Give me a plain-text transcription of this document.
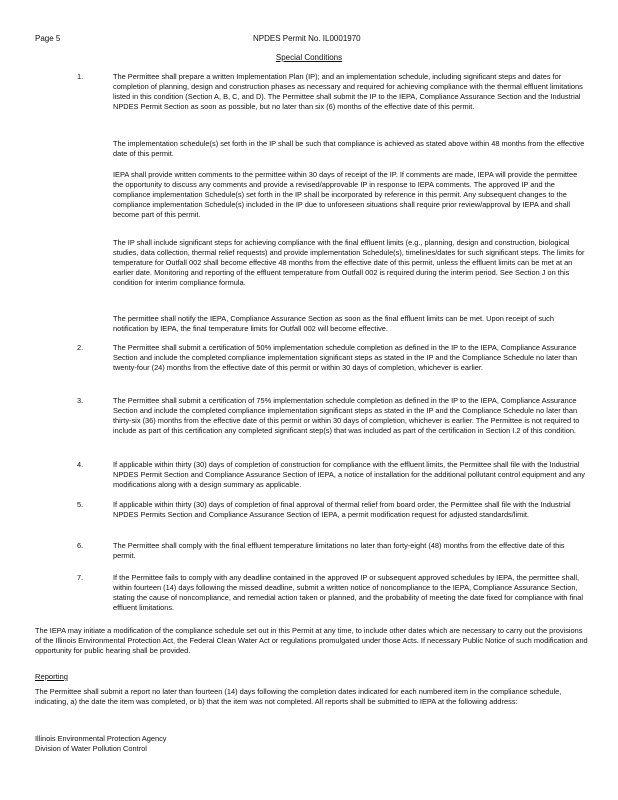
Page 5	NPDES Permit No. IL0001970
Special Conditions
1.	The Permittee shall prepare a written Implementation Plan (IP); and an implementation schedule, including significant steps and dates for completion of planning, design and construction phases as necessary and required for achieving compliance with the thermal effluent limitations listed in this condition (Section A, B, C, and D). The Permittee shall submit the IP to the IEPA, Compliance Assurance Section and the Industrial NPDES Permit Section as soon as possible, but no later than six (6) months of the effective date of this permit.

The implementation schedule(s) set forth in the IP shall be such that compliance is achieved as stated above within 48 months from the effective date of this permit.

IEPA shall provide written comments to the permittee within 30 days of receipt of the IP. If comments are made, IEPA will provide the permittee the opportunity to discuss any comments and provide a revised/approvable IP in response to IEPA comments. The approved IP and the compliance implementation Schedule(s) set forth in the IP shall be incorporated by reference in this permit. Any subsequent changes to the compliance implementation Schedule(s) included in the IP due to unforeseen situations shall require prior review/approval by IEPA and shall become part of this permit.

The IP shall include significant steps for achieving compliance with the final effluent limits (e.g., planning, design and construction, biological studies, data collection, thermal relief requests) and provide implementation Schedule(s), timelines/dates for such significant steps. The limits for temperature for Outfall 002 shall become effective 48 months from the effective date of this permit, unless the effluent limits can be met at an earlier date. Monitoring and reporting of the effluent temperature from Outfall 002 is required during the interim period. See Section J on this condition for interim compliance formula.

The permittee shall notify the IEPA, Compliance Assurance Section as soon as the final effluent limits can be met. Upon receipt of such notification by IEPA, the final temperature limits for Outfall 002 will become effective.

2.	The Permittee shall submit a certification of 50% implementation schedule completion as defined in the IP to the IEPA, Compliance Assurance Section and include the completed compliance implementation significant steps as stated in the IP and the Compliance Schedule no later than twenty-four (24) months from the effective date of this permit or within 30 days of completion, whichever is earlier.

3.	The Permittee shall submit a certification of 75% implementation schedule completion as defined in the IP to the IEPA, Compliance Assurance Section and include the completed compliance implementation significant steps as stated in the IP and the Compliance Schedule no later than thirty-six (36) months from the effective date of this permit or within 30 days of completion, whichever is earlier. The Permittee is not required to include as part of this certification any completed significant step(s) that was included as part of the certification in Section I.2 of this condition.

4.	If applicable within thirty (30) days of completion of construction for compliance with the effluent limits, the Permittee shall file with the Industrial NPDES Permit Section and Compliance Assurance Section of IEPA, a notice of installation for the additional pollutant control equipment and any modifications along with a design summary as applicable.

5.	If applicable within thirty (30) days of completion of final approval of thermal relief from board order, the Permittee shall file with the Industrial NPDES Permits Section and Compliance Assurance Section of IEPA, a permit modification request for adjusted standards/limit.

6.	The Permittee shall comply with the final effluent temperature limitations no later than forty-eight (48) months from the effective date of this permit.

7.	If the Permittee fails to comply with any deadline contained in the approved IP or subsequent approved schedules by IEPA, the permittee shall, within fourteen (14) days following the missed deadline, submit a written notice of noncompliance to the IEPA, Compliance Assurance Section, stating the cause of noncompliance, and remedial action taken or planned, and the probability of meeting the date fixed for compliance with final effluent limitations.

The IEPA may initiate a modification of the compliance schedule set out in this Permit at any time, to include other dates which are necessary to carry out the provisions of the Illinois Environmental Protection Act, the Federal Clean Water Act or regulations promulgated under those Acts. If necessary Public Notice of such modification and opportunity for public hearing shall be provided.

Reporting

The Permittee shall submit a report no later than fourteen (14) days following the completion dates indicated for each numbered item in the compliance schedule, indicating, a) the date the item was completed, or b) that the item was not completed. All reports shall be submitted to IEPA at the following address:

Illinois Environmental Protection Agency
Division of Water Pollution Control
